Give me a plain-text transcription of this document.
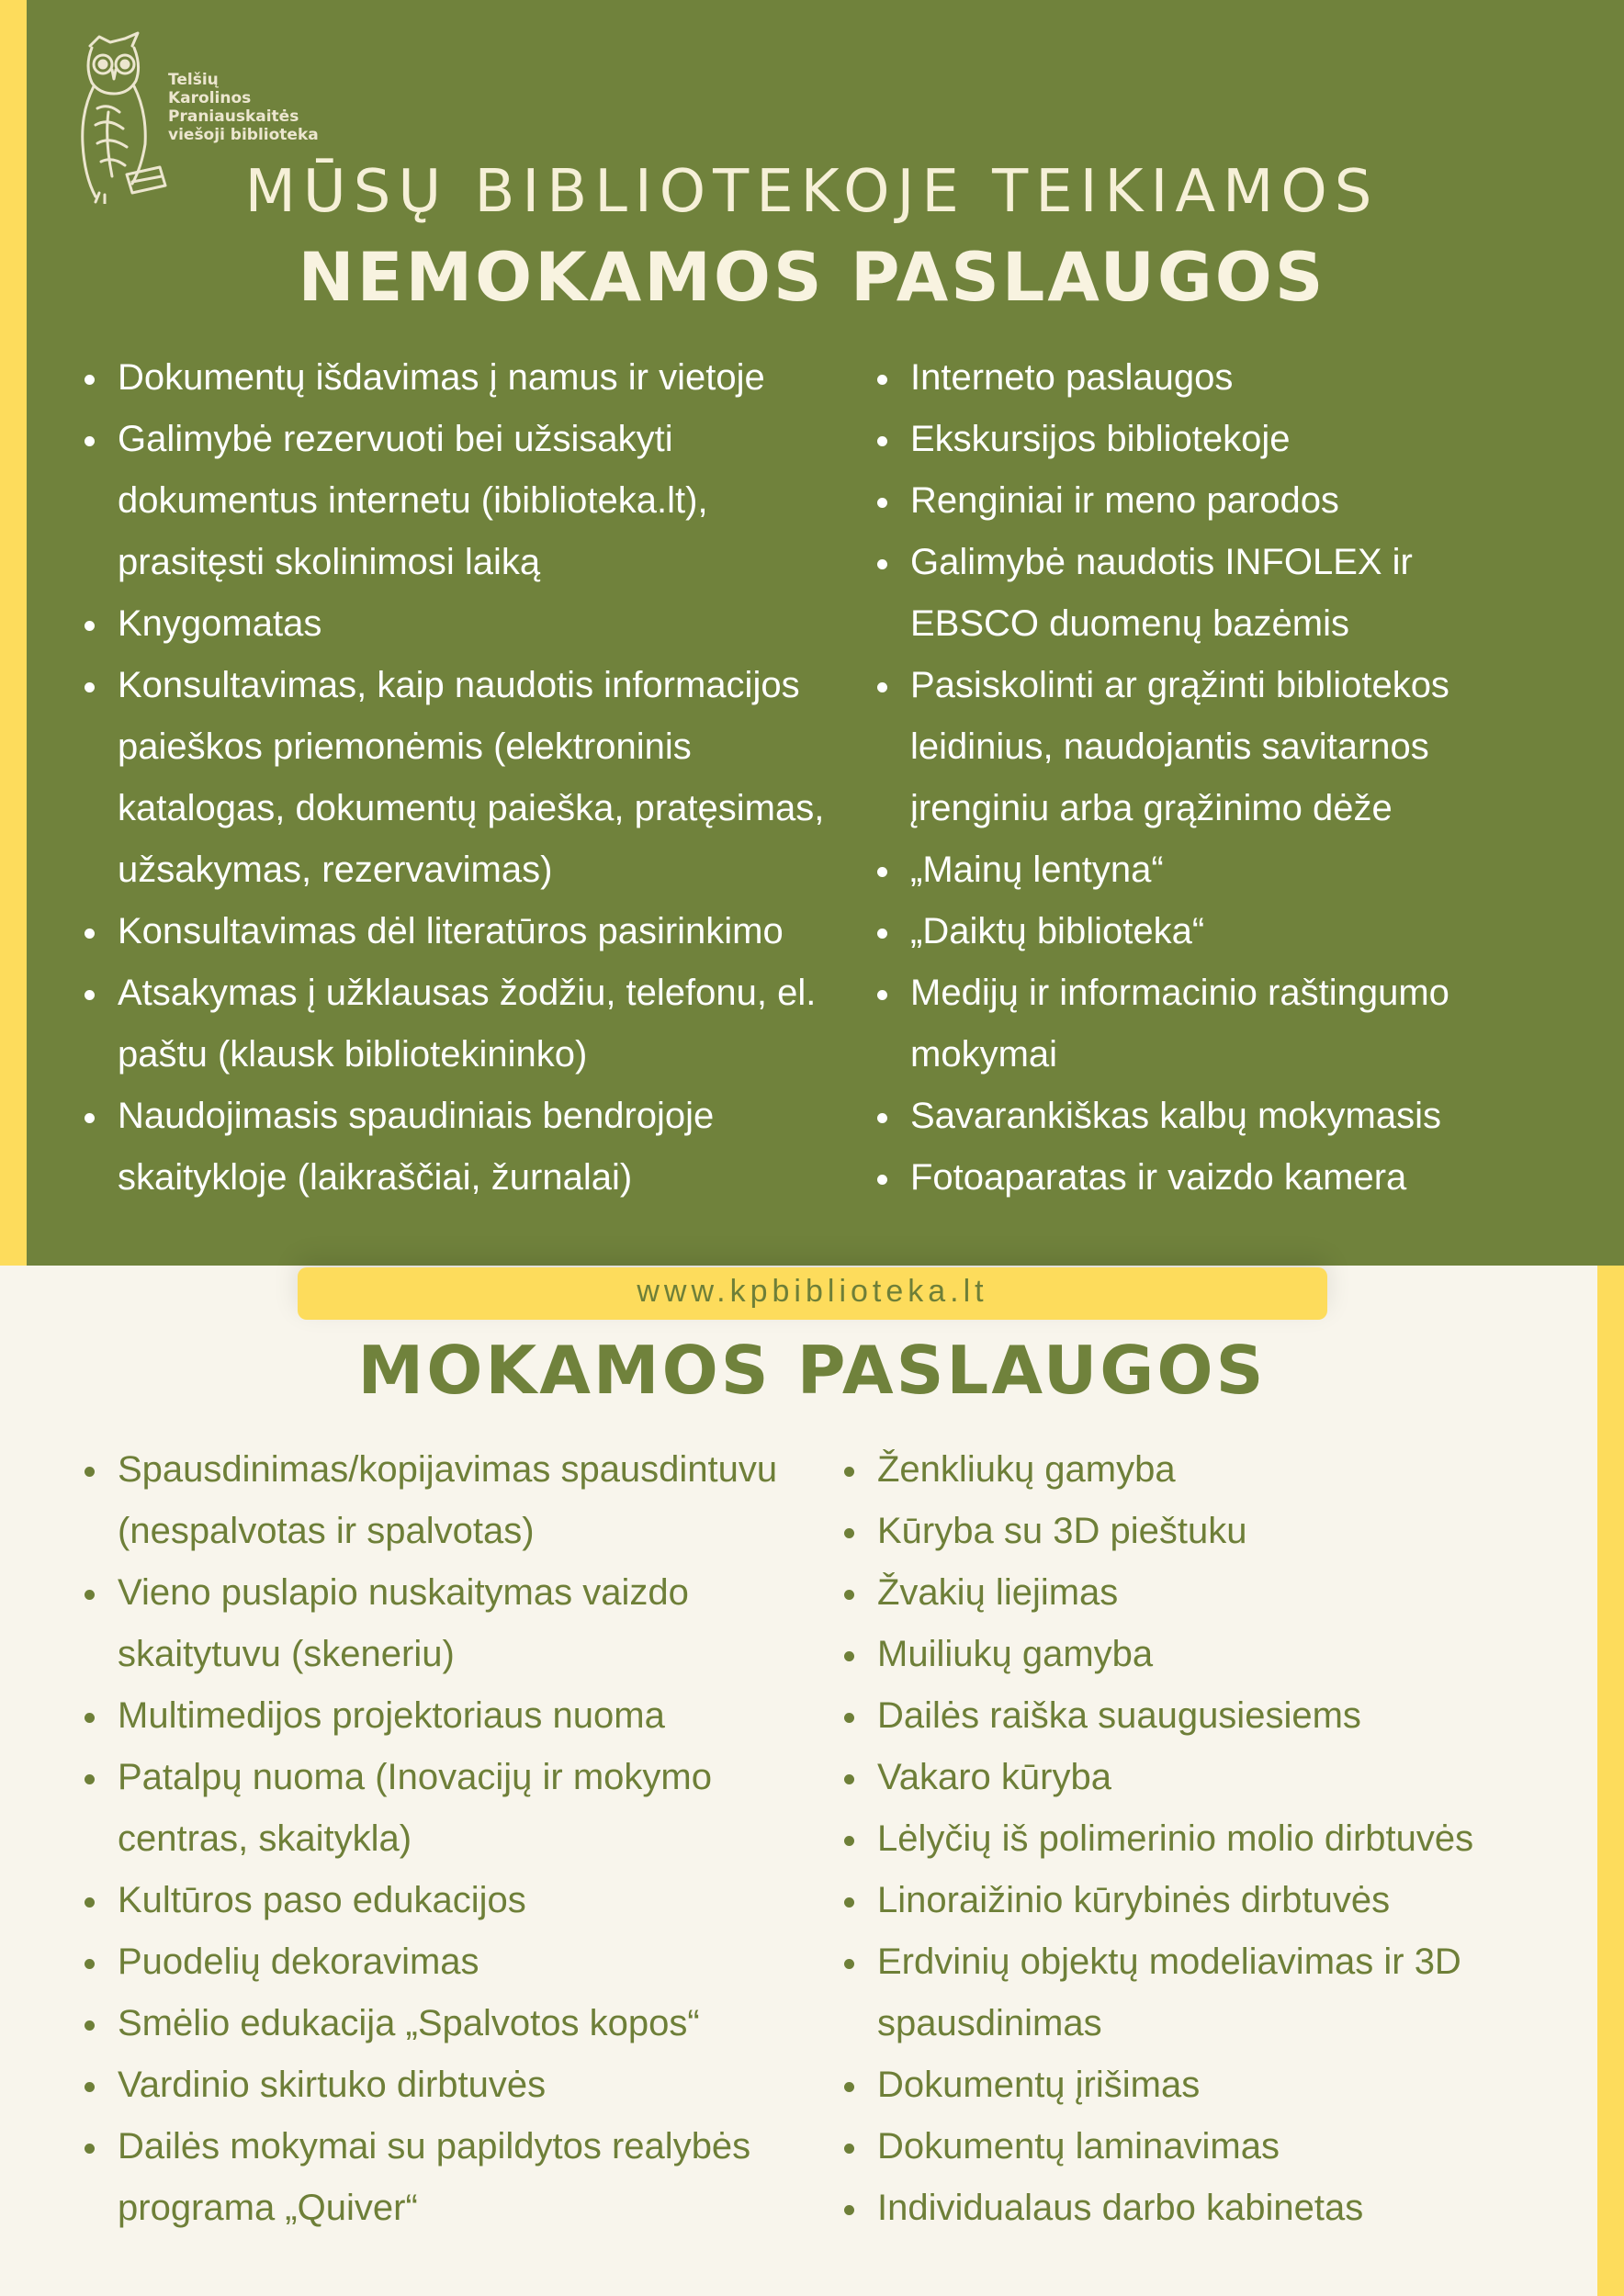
Telšių
Karolinos
Praniauskaitės
viešoji biblioteka
MŪSŲ BIBLIOTEKOJE TEIKIAMOS
NEMOKAMOS PASLAUGOS
Dokumentų išdavimas į namus ir vietoje
Galimybė rezervuoti bei užsisakyti dokumentus internetu (ibiblioteka.lt), prasitęsti skolinimosi laiką
Knygomatas
Konsultavimas, kaip naudotis informacijos paieškos priemonėmis (elektroninis katalogas, dokumentų paieška, pratęsimas, užsakymas, rezervavimas)
Konsultavimas dėl literatūros pasirinkimo
Atsakymas į užklausas žodžiu, telefonu, el. paštu (klausk bibliotekininko)
Naudojimasis spaudiniais bendrojoje skaitykloje (laikraščiai, žurnalai)
Interneto paslaugos
Ekskursijos bibliotekoje
Renginiai ir meno parodos
Galimybė naudotis INFOLEX ir EBSCO duomenų bazėmis
Pasiskolinti ar grąžinti bibliotekos leidinius, naudojantis savitarnos įrenginiu arba grąžinimo dėže
„Mainų lentyna“
„Daiktų biblioteka“
Medijų ir informacinio raštingumo mokymai
Savarankiškas kalbų mokymasis
Fotoaparatas ir vaizdo kamera
www.kpbiblioteka.lt
MOKAMOS PASLAUGOS
Spausdinimas/kopijavimas spausdintuvu (nespalvotas ir spalvotas)
Vieno puslapio nuskaitymas vaizdo skaitytuvu (skeneriu)
Multimedijos projektoriaus nuoma
Patalpų nuoma (Inovacijų ir mokymo centras, skaitykla)
Kultūros paso edukacijos
Puodelių dekoravimas
Smėlio edukacija „Spalvotos kopos“
Vardinio skirtuko dirbtuvės
Dailės mokymai su papildytos realybės programa „Quiver“
Ženkliukų gamyba
Kūryba su 3D pieštuku
Žvakių liejimas
Muiliukų gamyba
Dailės raiška suaugusiesiems
Vakaro kūryba
Lėlyčių iš polimerinio molio dirbtuvės
Linoraižinio kūrybinės dirbtuvės
Erdvinių objektų modeliavimas ir 3D spausdinimas
Dokumentų įrišimas
Dokumentų laminavimas
Individualaus darbo kabinetas
